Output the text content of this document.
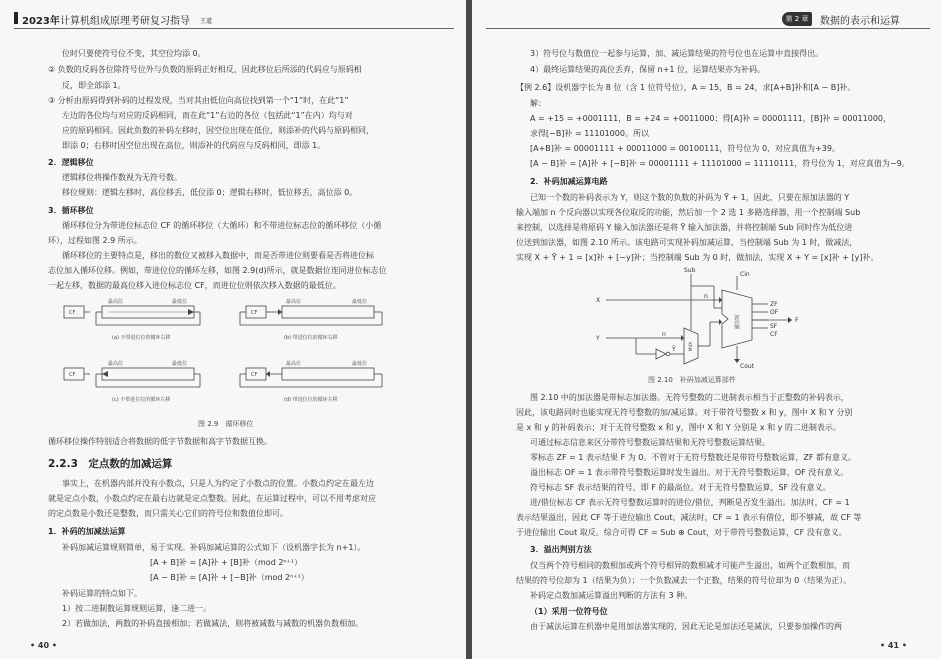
2023年 计算机组成原理考研复习指导 王道
位时只要使符号位不变，其空位均添 0。
② 负数的反码各位除符号位外与负数的原码正好相反，因此移位后所添的代码应与原码相
反，即全部添 1。
③ 分析由原码得到补码的过程发现，当对其由低位向高位找到第一个“1”时，在此“1”
左边的各位均与对应的反码相同，而在此“1”右边的各位（包括此“1”在内）均与对
应的原码相同。因此负数的补码左移时，因空位出现在低位，则添补的代码与原码相同，
即添 0；右移时因空位出现在高位，则添补的代码应与反码相同，即添 1。
2．逻辑移位
逻辑移位将操作数视为无符号数。
移位规则：逻辑左移时，高位移丢，低位添 0；逻辑右移时，低位移丢，高位添 0。
3．循环移位
循环移位分为带进位标志位 CF 的循环移位（大循环）和不带进位标志位的循环移位（小循
环），过程如图 2.9 所示。
循环移位的主要特点是，移出的数位又被移入数据中，而是否带进位则要看是否将进位标
志位加入循环位移。例如，带进位位的循环左移，如图 2.9(d)所示，就是数据位连同进位标志位
一起左移，数据的最高位移入进位标志位 CF，而进位位则依次移入数据的最低位。
CF	CF
CF	CF
最高位	最低位	最高位	最低位
最高位	最低位	最高位	最低位
(a) 不带进位位的循环右移	(b) 带进位位的循环右移
(c) 不带进位位的循环左移	(d) 带进位位的循环左移
图 2.9　循环移位
循环移位操作特别适合将数据的低字节数据和高字节数据互换。
2.2.3　定点数的加减运算
事实上，在机器内部并没有小数点，只是人为约定了小数点的位置。小数点约定在最左边
就是定点小数，小数点约定在最右边就是定点整数。因此，在运算过程中，可以不用考虑对应
的定点数是小数还是整数，而只需关心它们的符号位和数值位即可。
1．补码的加减法运算
补码加减运算规则简单，易于实现。补码加减运算的公式如下（设机器字长为 n+1）。
[A + B]补 = [A]补 + [B]补（mod 2ⁿ⁺¹）
[A − B]补 = [A]补 + [−B]补（mod 2ⁿ⁺¹）
补码运算的特点如下。
1）按二进制数运算规则运算，逢二进一。
2）若做加法，两数的补码直接相加；若做减法，则将被减数与减数的机器负数相加。
• 40 •
第 2 章	数据的表示和运算
3）符号位与数值位一起参与运算，加、减运算结果的符号位也在运算中直接得出。
4）最终运算结果的高位丢弃，保留 n+1 位，运算结果亦为补码。
【例 2.6】设机器字长为 8 位（含 1 位符号位），A = 15，B = 24，求[A+B]补和[A − B]补。
解：
A = +15 = +0001111，B = +24 = +0011000；得[A]补 = 00001111，[B]补 = 00011000，
求得[−B]补 = 11101000。所以
[A+B]补 = 00001111 + 00011000 = 00100111，符号位为 0，对应真值为+39。
[A − B]补 = [A]补 + [−B]补 = 00001111 + 11101000 = 11110111，符号位为 1，对应真值为−9。
2．补码加减运算电路
已知一个数的补码表示为 Y，则这个数的负数的补码为 Ȳ + 1，因此，只要在原加法器的 Y
输入端加 n 个反向器以实现各位取反的功能，然后加一个 2 选 1 多路选择器，用一个控制端 Sub
来控制，以选择是将原码 Y 输入加法器还是将 Ȳ 输入加法器，并将控制端 Sub 同时作为低位进
位送到加法器，如图 2.10 所示。该电路可实现补码加减运算，当控制端 Sub 为 1 时，做减法，
实现 X + Ȳ + 1 = [x]补 + [−y]补；当控制端 Sub 为 0 时，做加法，实现 X + Y = [x]补 + [y]补。
Sub
Cin
X
Y
Ȳ
n
n
ZF
OF
SF
CF
F
Cout
加法器
MUX
图 2.10　补码加减运算部件
图 2.10 中的加法器是带标志加法器。无符号整数的二进制表示相当于正整数的补码表示，
因此，该电路同时也能实现无符号整数的加/减运算。对于带符号整数 x 和 y，图中 X 和 Y 分别
是 x 和 y 的补码表示；对于无符号整数 x 和 y，图中 X 和 Y 分别是 x 和 y 的二进制表示。
可通过标志信息来区分带符号整数运算结果和无符号整数运算结果。
零标志 ZF = 1 表示结果 F 为 0。不管对于无符号整数还是带符号整数运算，ZF 都有意义。
溢出标志 OF = 1 表示带符号整数运算时发生溢出。对于无符号整数运算，OF 没有意义。
符号标志 SF 表示结果的符号，即 F 的最高位。对于无符号整数运算，SF 没有意义。
进/借位标志 CF 表示无符号整数运算时的进位/借位，判断是否发生溢出。加法时，CF = 1
表示结果溢出，因此 CF 等于进位输出 Cout。减法时，CF = 1 表示有借位，即不够减，故 CF 等
于进位输出 Cout 取反。综合可得 CF = Sub ⊕ Cout，对于带符号整数运算，CF 没有意义。
3．溢出判别方法
仅当两个符号相同的数相加或两个符号相异的数相减才可能产生溢出，如两个正数相加，而
结果的符号位却为 1（结果为负）；一个负数减去一个正数，结果的符号位却为 0（结果为正）。
补码定点数加减运算溢出判断的方法有 3 种。
（1）采用一位符号位
由于减法运算在机器中是用加法器实现的，因此无论是加法还是减法，只要参加操作的两
• 41 •
